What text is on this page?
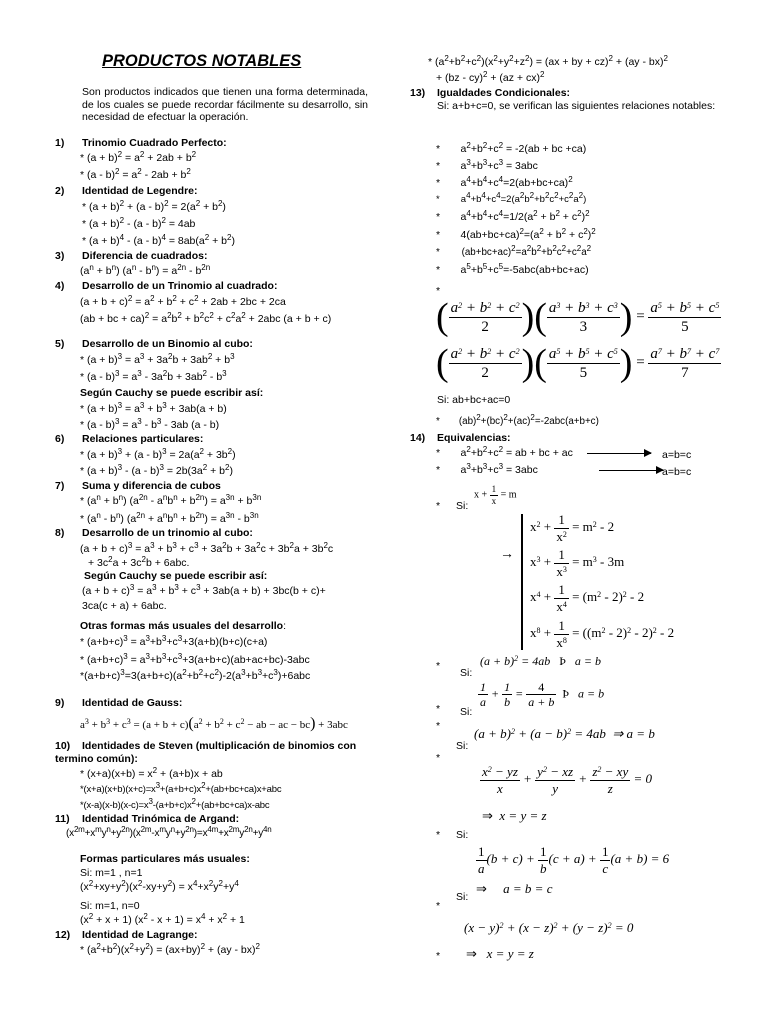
PRODUCTOS NOTABLES
Son productos indicados que tienen una forma determinada, de los cuales se puede recordar fácilmente su desarrollo, sin necesidad de efectuar la operación.
1) Trinomio Cuadrado Perfecto:
* $(a + b)^2 = a^2 + 2ab + b^2$
* $(a - b)^2 = a^2 - 2ab + b^2$
2) Identidad de Legendre:
* $(a + b)^2 + (a - b)^2 = 2(a^2 + b^2)$
* $(a + b)^2 - (a - b)^2 = 4ab$
* $(a + b)^4 - (a - b)^4 = 8ab(a^2 + b^2)$
3) Diferencia de cuadrados:
$(a^n + b^n)$ $(a^n - b^n) = a^{2n} - b^{2n}$
4) Desarrollo de un Trinomio al cuadrado:
$(a + b + c)^2 = a^2 + b^2 + c^2 + 2ab + 2bc + 2ca$
(ab + bc + $ca)^2 = a^2b^2 + b^2c^2 + c^2a^2 + 2abc$ (a + b + c)
5) Desarrollo de un Binomio al cubo:
* $(a + b)^3 = a^3 + 3a^2b + 3ab^2 + b^3$
* $(a - b)^3 = a^3 - 3a^2b + 3ab^2 - b^3$
Según Cauchy se puede escribir así:
* $(a + b)^3 = a^3 + b^3 + 3ab(a + b)$
* $(a - b)^3 = a^3 - b^3 - 3ab$ (a - b)
6) Relaciones particulares:
* $(a + b)^3 + (a - b)^3 = 2a(a^2 + 3b^2)$
* $(a + b)^3 - (a - b)^3 = 2b(3a^2 + b^2)$
7) Suma y diferencia de cubos
* $(a^n + b^n)$ $(a^{2n} - a^nb^n + b^{2n}) = a^{3n} + b^{3n}$
* $(a^n - b^n) (a^{2n} + a^nb^n + b^{2n}) = a^{3n} - b^{3n}$
8) Desarrollo de un trinomio al cubo:
$(a + b + c)^3 = a^3 + b^3 + c^3 + 3a^2b + 3a^2c + 3b^2a + 3b^2c$
+ $3c^2a + 3c^2b + 6abc$.
Según Cauchy se puede escribir así:
$(a + b + c)^3 = a^3 + b^3 + c^3 + 3ab(a + b) + 3bc(b + c)+$
3ca(c + a) + 6abc.
Otras formas más usuales del desarrollo:
* $(a+b+c)^3 = a^3+b^3+c^3+3(a+b)(b+c)(c+a)$
* $(a+b+c)^3 = a^3+b^3+c^3+3(a+b+c)(ab+ac+bc)-3abc$
$*(a+b+c)^3=3(a+b+c)(a^2+b^2+c^2)-2(a^3+b^3+c^3)+6abc$
9) Identidad de Gauss:
$a^3 + b^3 + c^3 = (a + b + c)(a^2 + b^2 + c^2$ − ab − ac − bc) + 3abc
10) Identidades de Steven (multiplicación de binomios con termino común):
* $(x+a)(x+b) = x^2 + (a+b)x$ + ab
$*(x+a)(x+b)(x+c)=x^3+(a+b+c)x^2+(ab+bc+ca)x+abc$
$*(x-a)(x-b)(x-c)=x^3-(a+b+c)x^2+(ab+bc+ca)x$-abc
11) Identidad Trinómica de Argand:
$(x^{2m}+x^my^n+y^{2n})(x^{2m}-x^my^n+y^{2n})=x^{4m}+x^{2m}y^{2n}+y^{4n}$
Formas particulares más usuales:
Si: m=1 , n=1
$(x^2+xy+y^2)(x^2-xy+y^2) = x^4+x^2y^2+y^4$
Si: m=1, n=0
$(x^2 + x + 1)$ $(x^2 - x + 1) = x^4 + x^2 + 1$
12) Identidad de Lagrange:
* $(a^2+b^2)(x^2+y^2) = (ax+by)^2 + (ay - bx)^2$
* $(a^2+b^2+c^2)(x^2+y^2+z^2) = (ax$ + by + cz)$^2$ + (ay - bx)$^2$
+ (bz - cy)$^2$ + (az + cx)$^2$
13) Igualdades Condicionales:
Si: a+b+c=0, se verifican las siguientes relaciones notables:
*       $a^2+b^2+c^2 = -2(ab$ + bc +ca)
*       $a^3+b^3+c^3 = 3abc$
*       $a^4+b^4+c^4=2(ab+bc+ca)^2$
*        $a^4+b^4+c^4=2(a^2b^2+b^2c^2+c^2a^2)$
*       $a^4+b^4+c^4=1/2(a^2 + b^2 + c^2)^2$
*       $4(ab+bc+ca)^2=(a^2 + b^2 + c^2)^2$
*        $(ab+bc+ac)^2=a^2b^2+b^2c^2+c^2a^2$
*       $a^5+b^5+c^5=-5abc(ab+bc+ac)$
*
( $\frac{a^2 + b^2 + c^2}{2}$ )( $\frac{a^3 + b^3 + c^3}{3}$ ) = $\frac{a^5 + b^5 + c^5}{5}$
( $\frac{a^2 + b^2 + c^2}{2}$ )( $\frac{a^5 + b^5 + c^5}{5}$ ) = $\frac{a^7 + b^7 + c^7}{7}$
Si: ab+bc+ac=0
*       (ab)$^2$+(bc)$^2$+(ac)$^2$=-2abc(a+b+c)
14) Equivalencias:
*       $a^2+b^2+c^2$ = ab + bc + ac	a=b=c
*       $a^3+b^3+c^3 = 3abc$	a=b=c
* Si:
$x + \frac{1}{x} = m$
$x^2 + \frac{1}{x^2} = m^2 - 2$
$x^3 + \frac{1}{x^3} = m^3 - 3m$
→
$x^4 + \frac{1}{x^4} = (m^2 - 2)^2 - 2$
$x^8 + \frac{1}{x^8} = ((m^2 - 2)^2 - 2)^2 - 2$
*
Si:
$(a + b)^2 = 4ab$   Þ   a = b
* Si:
$\frac{1}{a} + \frac{1}{b} = \frac{4}{a + b}$ Þ   a = b
*
Si:
$(a + b)^2 + (a - b)^2 = 4ab$  ⇒ a = b
*
$\frac{x^2 - yz}{x} + \frac{y^2 - xz}{y} + \frac{z^2 - xy}{z} = 0$
⇒ x = y = z
* Si:
$\frac{1}{a} (b + c) + \frac{1}{b} (c + a) + \frac{1}{c} (a + b) = 6$
Si:
⇒ a = b = c
*
$(x - y)^2 + (x - z)^2 + (y - z)^2 = 0$
* ⇒ x = y = z
